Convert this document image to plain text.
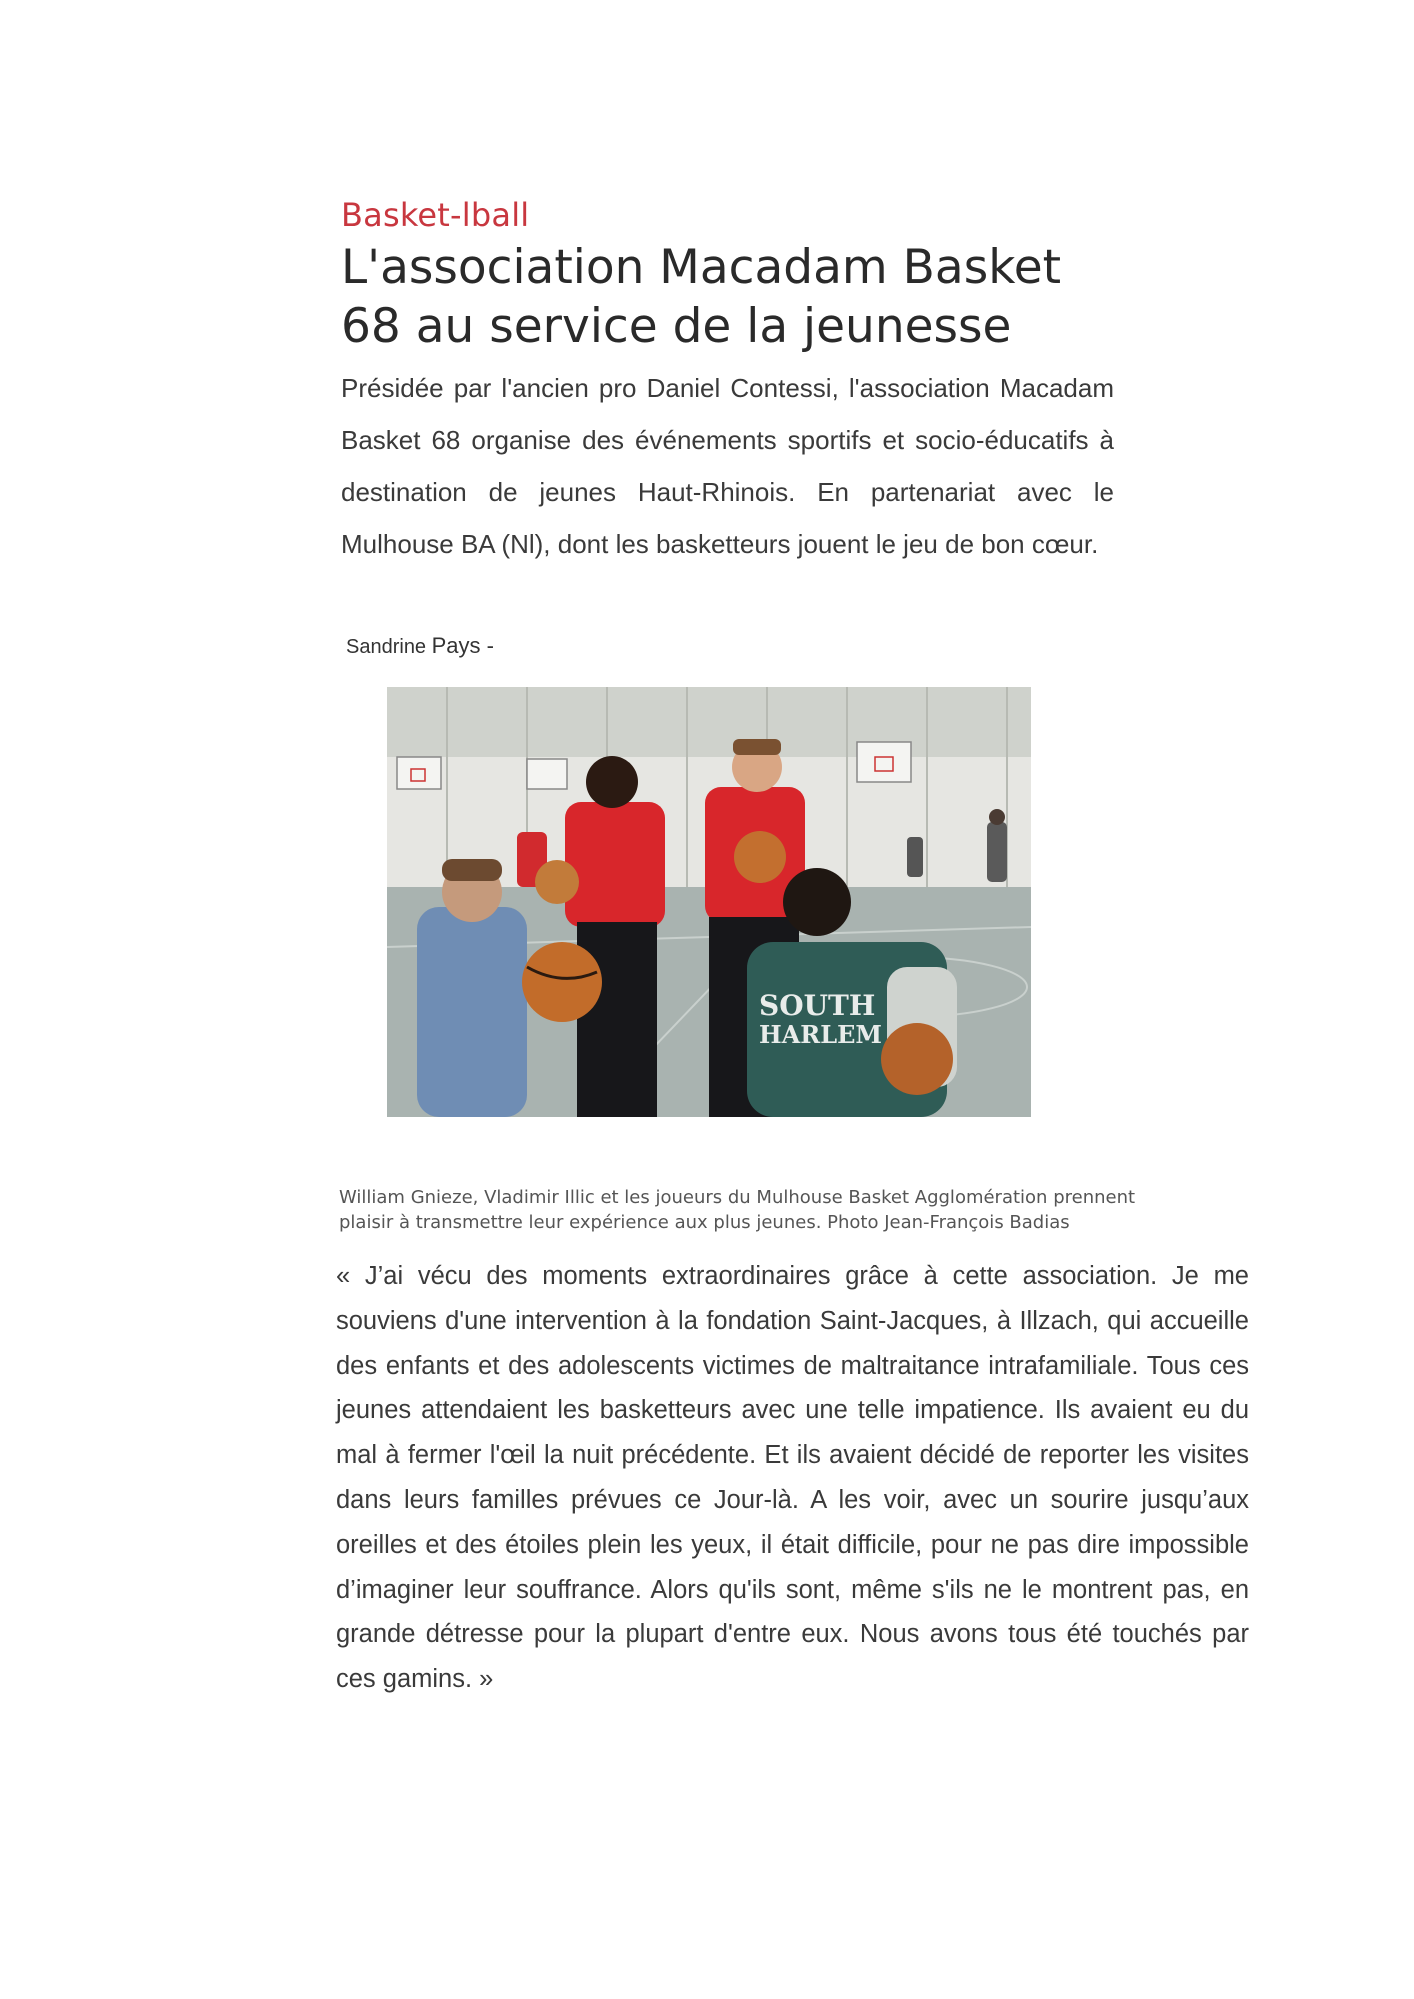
Basket-lball
L'association Macadam Basket 68 au service de la jeunesse

Présidée par l'ancien pro Daniel Contessi, l'association Macadam Basket 68 organise des événements sportifs et socio-éducatifs à destination de jeunes Haut-Rhinois. En partenariat avec le Mulhouse BA (Nl), dont les basketteurs jouent le jeu de bon cœur.

Sandrine Pays -
SOUTH
HARLEM
William Gnieze, Vladimir Illic et les joueurs du Mulhouse Basket Agglomération prennent plaisir à transmettre leur expérience aux plus jeunes. Photo Jean-François Badias

« J’ai vécu des moments extraordinaires grâce à cette association. Je me souviens d'une intervention à la fondation Saint-Jacques, à Illzach, qui accueille des enfants et des adolescents victimes de maltraitance intrafamiliale. Tous ces jeunes attendaient les basketteurs avec une telle impatience. Ils avaient eu du mal à fermer l'œil la nuit précédente. Et ils avaient décidé de reporter les visites dans leurs familles prévues ce Jour-là. A les voir, avec un sourire jusqu’aux oreilles et des étoiles plein les yeux, il était difficile, pour ne pas dire impossible d’imaginer leur souffrance. Alors qu'ils sont, même s'ils ne le montrent pas, en grande détresse pour la plupart d'entre eux. Nous avons tous été touchés par ces gamins. »
